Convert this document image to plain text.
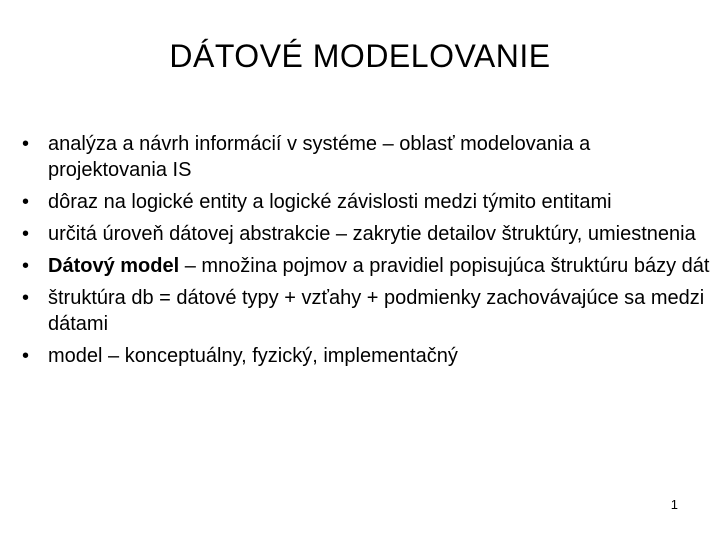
DÁTOVÉ MODELOVANIE
• analýza a návrh informácií v systéme – oblasť modelovania a projektovania IS
• dôraz na logické entity a logické závislosti medzi týmito entitami
• určitá úroveň dátovej abstrakcie – zakrytie detailov štruktúry, umiestnenia
• Dátový model – množina pojmov a pravidiel popisujúca štruktúru bázy dát
• štruktúra db = dátové typy + vzťahy + podmienky zachovávajúce sa medzi dátami
• model – konceptuálny, fyzický, implementačný
1
